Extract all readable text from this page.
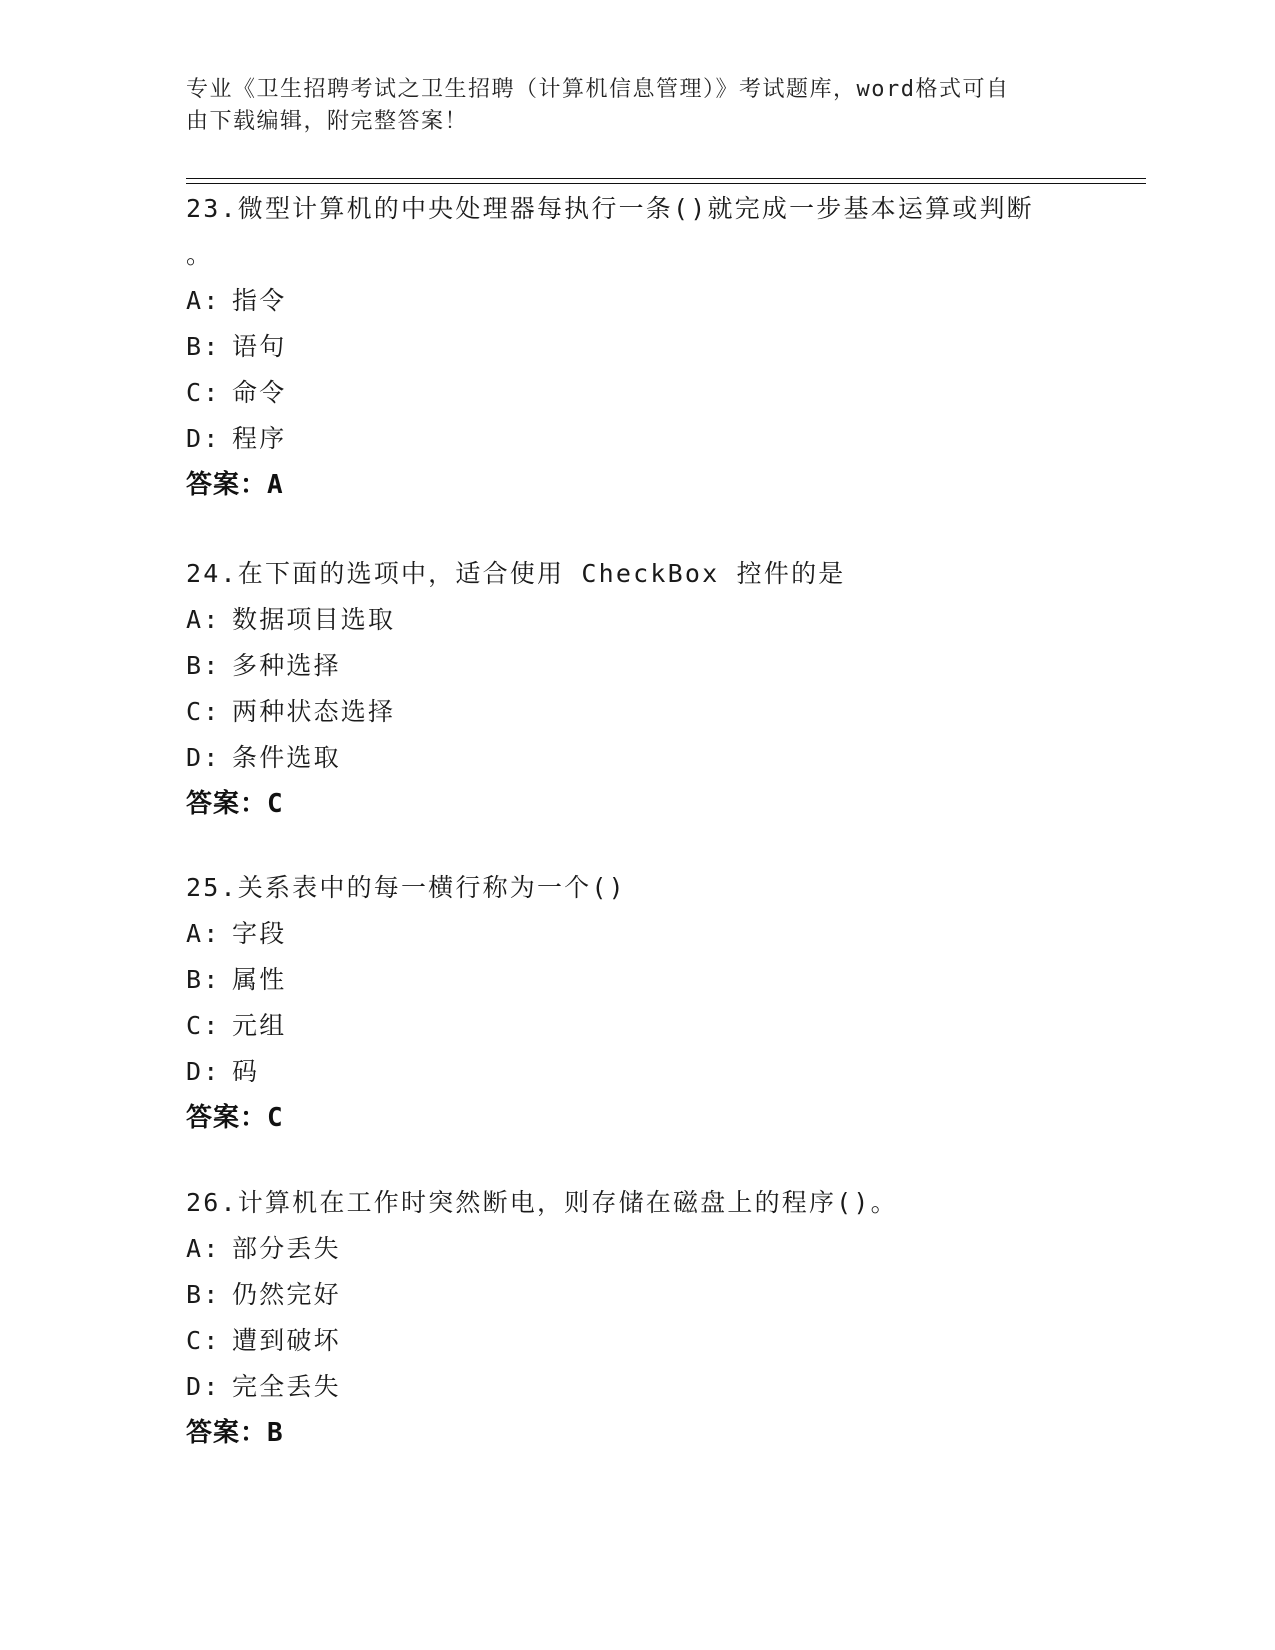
专业《卫生招聘考试之卫生招聘（计算机信息管理）》考试题库，word格式可自
由下载编辑，附完整答案！

23.微型计算机的中央处理器每执行一条()就完成一步基本运算或判断

。

A: 指令

B: 语句

C: 命令

D: 程序

答案：A

24.在下面的选项中，适合使用 CheckBox 控件的是

A: 数据项目选取

B: 多种选择

C: 两种状态选择

D: 条件选取

答案：C

25.关系表中的每一横行称为一个()

A: 字段

B: 属性

C: 元组

D: 码

答案：C

26.计算机在工作时突然断电，则存储在磁盘上的程序()。

A: 部分丢失

B: 仍然完好

C: 遭到破坏

D: 完全丢失

答案：B
